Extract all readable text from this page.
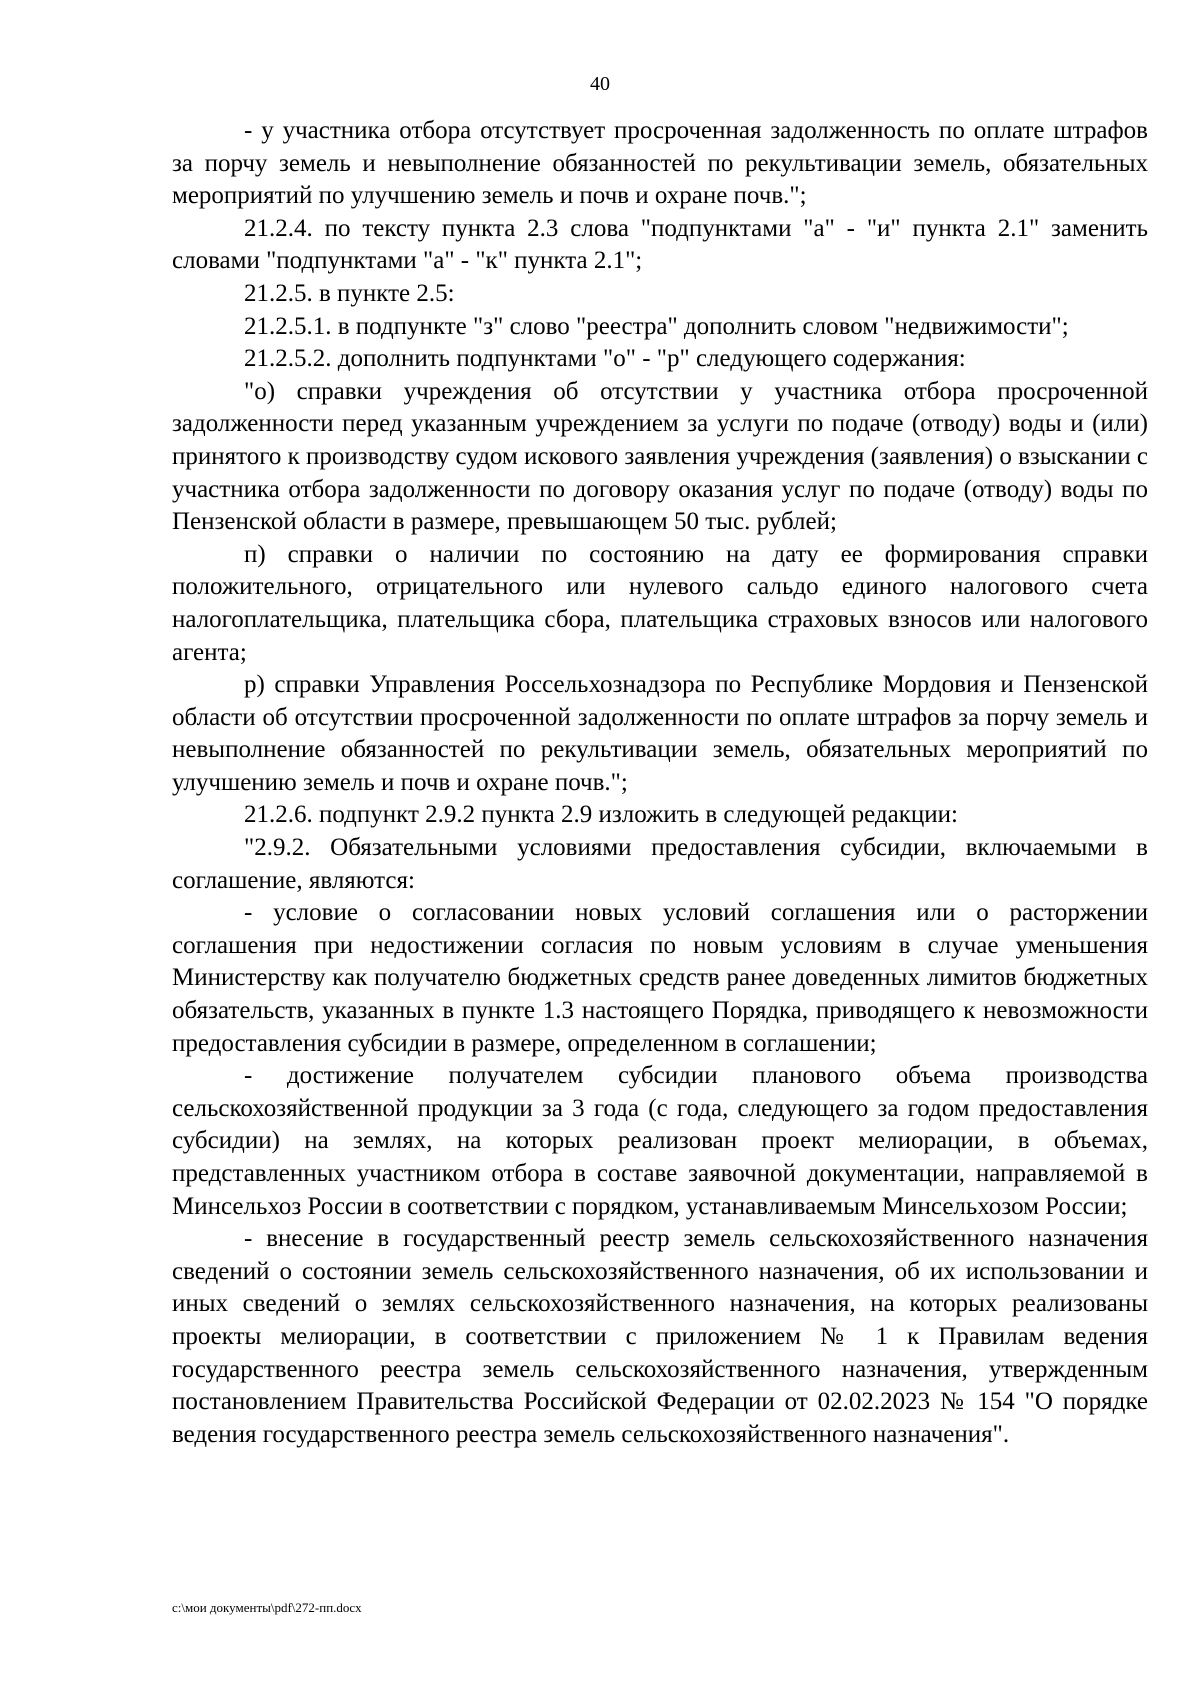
40

- у участника отбора отсутствует просроченная задолженность по оплате штрафов за порчу земель и невыполнение обязанностей по рекультивации земель, обязательных мероприятий по улучшению земель и почв и охране почв.";

21.2.4. по тексту пункта 2.3 слова "подпунктами "а" - "и" пункта 2.1" заменить словами "подпунктами "а" - "к" пункта 2.1";

21.2.5. в пункте 2.5:

21.2.5.1. в подпункте "з" слово "реестра" дополнить словом "недвижимости";

21.2.5.2. дополнить подпунктами "о" - "р" следующего содержания:

"о) справки учреждения об отсутствии у участника отбора просроченной задолженности перед указанным учреждением за услуги по подаче (отводу) воды и (или) принятого к производству судом искового заявления учреждения (заявления) о взыскании с участника отбора задолженности по договору оказания услуг по подаче (отводу) воды по Пензенской области в размере, превышающем 50 тыс. рублей;

п) справки о наличии по состоянию на дату ее формирования справки положительного, отрицательного или нулевого сальдо единого налогового счета налогоплательщика, плательщика сбора, плательщика страховых взносов или налогового агента;

р) справки Управления Россельхознадзора по Республике Мордовия и Пензенской области об отсутствии просроченной задолженности по оплате штрафов за порчу земель и невыполнение обязанностей по рекультивации земель, обязательных мероприятий по улучшению земель и почв и охране почв.";

21.2.6. подпункт 2.9.2 пункта 2.9 изложить в следующей редакции:

"2.9.2. Обязательными условиями предоставления субсидии, включаемыми в соглашение, являются:

- условие о согласовании новых условий соглашения или о расторжении соглашения при недостижении согласия по новым условиям в случае уменьшения Министерству как получателю бюджетных средств ранее доведенных лимитов бюджетных обязательств, указанных в пункте 1.3 настоящего Порядка, приводящего к невозможности предоставления субсидии в размере, определенном в соглашении;

- достижение получателем субсидии планового объема производства сельскохозяйственной продукции за 3 года (с года, следующего за годом предоставления субсидии) на землях, на которых реализован проект мелиорации, в объемах, представленных участником отбора в составе заявочной документации, направляемой в Минсельхоз России в соответствии с порядком, устанавливаемым Минсельхозом России;

- внесение в государственный реестр земель сельскохозяйственного назначения сведений о состоянии земель сельскохозяйственного назначения, об их использовании и иных сведений о землях сельскохозяйственного назначения, на которых реализованы проекты мелиорации, в соответствии с приложением № 1 к Правилам ведения государственного реестра земель сельскохозяйственного назначения, утвержденным постановлением Правительства Российской Федерации от 02.02.2023 № 154 "О порядке ведения государственного реестра земель сельскохозяйственного назначения".

c:\мои документы\pdf\272-пп.docx
